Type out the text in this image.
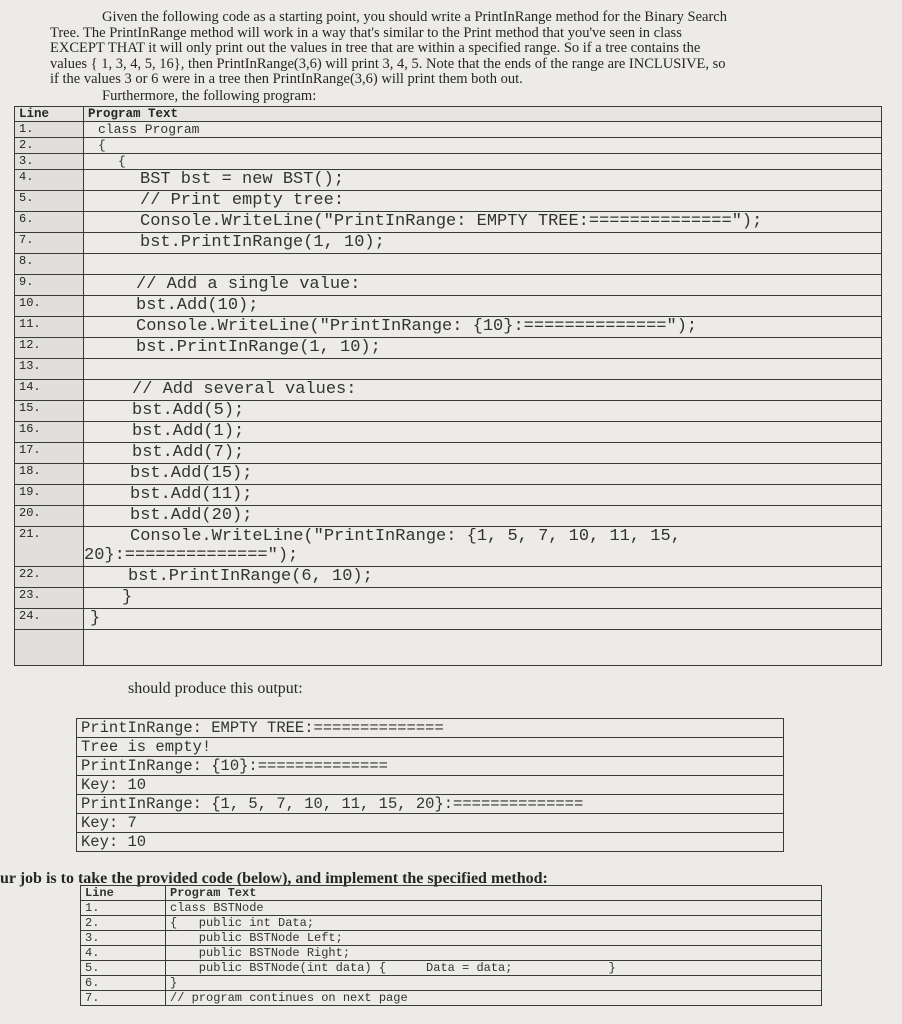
Given the following code as a starting point, you should write a PrintInRange method for the Binary Search

Tree. The PrintInRange method will work in a way that's similar to the Print method that you've seen in class

EXCEPT THAT it will only print out the values in tree that are within a specified range. So if a tree contains the

values { 1, 3, 4, 5, 16}, then PrintInRange(3,6) will print 3, 4, 5. Note that the ends of the range are INCLUSIVE, so

if the values 3 or 6 were in a tree then PrintInRange(3,6) will print them both out.

Furthermore, the following program:

Line	Program Text
1.	class Program
2.	{
3.	{
4.	BST bst = new BST();
5.	// Print empty tree:
6.	Console.WriteLine("PrintInRange: EMPTY TREE:==============");
7.	bst.PrintInRange(1, 10);
8.	
9.	// Add a single value:
10.	bst.Add(10);
11.	Console.WriteLine("PrintInRange: {10}:==============");
12.	bst.PrintInRange(1, 10);
13.	
14.	// Add several values:
15.	bst.Add(5);
16.	bst.Add(1);
17.	bst.Add(7);
18.	bst.Add(15);
19.	bst.Add(11);
20.	bst.Add(20);
21.	Console.WriteLine("PrintInRange: {1, 5, 7, 10, 11, 15,
20}:==============");

22.	bst.PrintInRange(6, 10);
23.	}
24.	}

should produce this output:
PrintInRange: EMPTY TREE:==============
Tree is empty!
PrintInRange: {10}:==============
Key: 10
PrintInRange: {1, 5, 7, 10, 11, 15, 20}:==============
Key: 7
Key: 10
ur job is to take the provided code (below), and implement the specified method:
Line	Program Text
1.	class BSTNode
2.	{   public int Data;
3.	public BSTNode Left;
4.	public BSTNode Right;
5.	public BSTNode(int data) { Data = data; }
6.	}
7.	// program continues on next page
